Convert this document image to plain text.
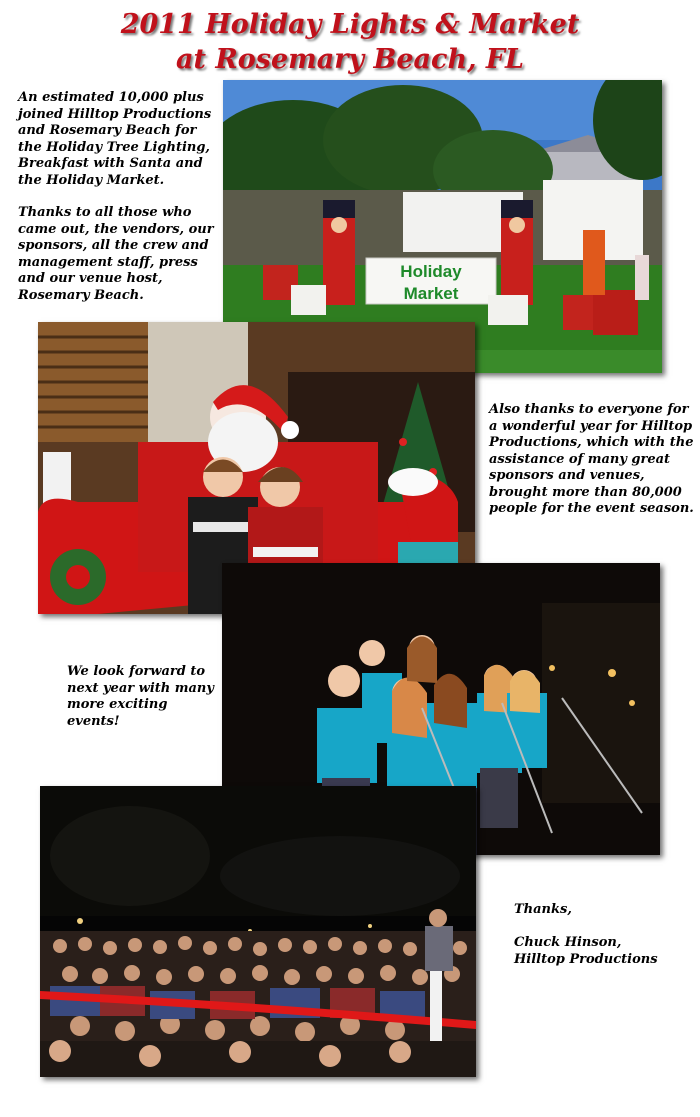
2011 Holiday Lights & Market
at Rosemary Beach, FL

An estimated 10,000 plus joined Hilltop Productions and Rosemary Beach for the Holiday Tree Lighting, Breakfast with Santa and the Holiday Market.

Thanks to all those who came out, the vendors, our sponsors, all the crew and management staff, press and our venue host, Rosemary Beach.

Holiday
Market
Also thanks to everyone for a wonderful year for Hilltop Productions, which with the assistance of many great sponsors and venues, brought more than 80,000 people for the event season.
We look forward to next year with many more exciting events!
Thanks,
Chuck Hinson,
Hilltop Productions
